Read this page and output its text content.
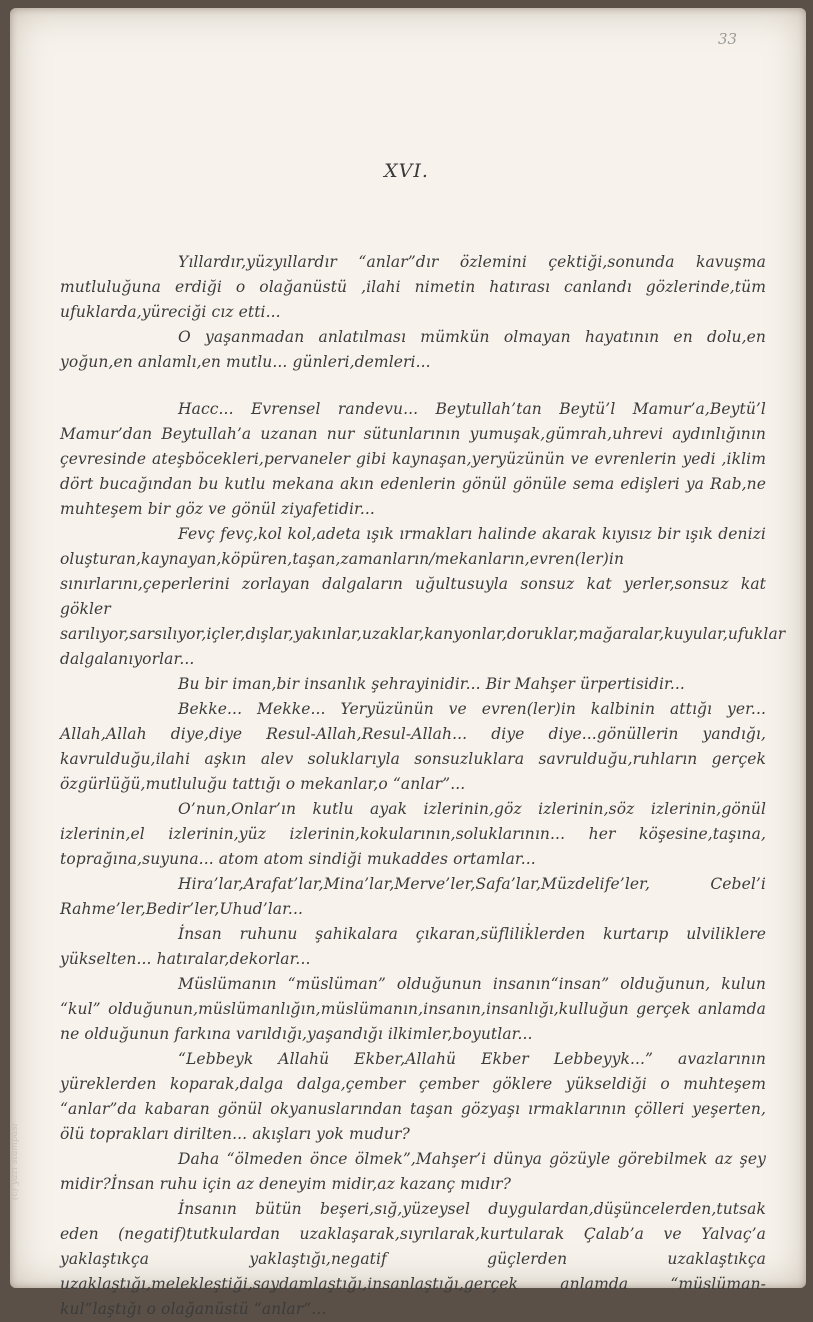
33
XVI.

Yıllardır,yüzyıllardır “anlar”dır özlemini çektiği,sonunda kavuşma mutluluğuna erdiği o olağanüstü ,ilahi nimetin hatırası canlandı gözlerinde,tüm ufuklarda,yüreciği cız etti...

O yaşanmadan anlatılması mümkün olmayan hayatının en dolu,en yoğun,en anlamlı,en mutlu... günleri,demleri...

Hacc... Evrensel randevu... Beytullah’tan Beytü’l Mamur’a,Beytü’l Mamur’dan Beytullah’a uzanan nur sütunlarının yumuşak,gümrah,uhrevi aydınlığının çevresinde ateşböcekleri,pervaneler gibi kaynaşan,yeryüzünün ve evrenlerin yedi ,iklim dört bucağından bu kutlu mekana akın edenlerin gönül gönüle sema edişleri ya Rab,ne muhteşem bir göz ve gönül ziyafetidir...

Fevç fevç,kol kol,adeta ışık ırmakları halinde akarak kıyısız bir ışık denizi oluşturan,kaynayan,köpüren,taşan,zamanların/mekanların,evren(ler)in sınırlarını,çeperlerini zorlayan dalgaların uğultusuyla sonsuz kat yerler,sonsuz kat gökler sarılıyor,sarsılıyor,içler,dışlar,yakınlar,uzaklar,kanyonlar,doruklar,mağaralar,kuyular,ufuklar dalgalanıyorlar...

Bu bir iman,bir insanlık şehrayinidir... Bir Mahşer ürpertisidir...

Bekke... Mekke... Yeryüzünün ve evren(ler)in kalbinin attığı yer... Allah,Allah diye,diye Resul-Allah,Resul-Allah... diye diye...gönüllerin yandığı, kavrulduğu,ilahi aşkın alev soluklarıyla sonsuzluklara savrulduğu,ruhların gerçek özgürlüğü,mutluluğu tattığı o mekanlar,o “anlar”...

O’nun,Onlar’ın kutlu ayak izlerinin,göz izlerinin,söz izlerinin,gönül izlerinin,el izlerinin,yüz izlerinin,kokularının,soluklarının... her köşesine,taşına, toprağına,suyuna... atom atom sindiği mukaddes ortamlar...

Hira’lar,Arafat’lar,Mina’lar,Merve’ler,Safa’lar,Müzdelife’ler, Cebel’i Rahme’ler,Bedir’ler,Uhud’lar...

İnsan ruhunu şahikalara çıkaran,süflilik̇lerden kurtarıp ulviliklere yükselten... hatıralar,dekorlar...

Müslümanın “müslüman” olduğunun insanın“insan” olduğunun, kulun “kul” olduğunun,müslümanlığın,müslümanın,insanın,insanlığı,kulluğun gerçek anlamda ne olduğunun farkına varıldığı,yaşandığı ilkimler,boyutlar...

“Lebbeyk Allahü Ekber,Allahü Ekber Lebbeyyk...” avazlarının yüreklerden koparak,dalga dalga,çember çember göklere yükseldiği o muhteşem “anlar”da kabaran gönül okyanuslarından taşan gözyaşı ırmaklarının çölleri yeşerten, ölü toprakları dirilten... akışları yok mudur?

Daha “ölmeden önce ölmek”,Mahşer’i dünya gözüyle görebilmek az şey midir?İnsan ruhu için az deneyim midir,az kazanç mıdır?

İnsanın bütün beşeri,sığ,yüzeysel duygulardan,düşüncelerden,tutsak eden (negatif)tutkulardan uzaklaşarak,sıyrılarak,kurtularak Çalab’a ve Yalvaç’a yaklaştıkça yaklaştığı,negatif güçlerden uzaklaştıkça uzaklaştığı,melekleştiği,saydamlaştığı,insanlaştığı,gerçek anlamda “müslüman-kul”laştığı o olağanüstü “anlar”...

(c) yazi stampasi
